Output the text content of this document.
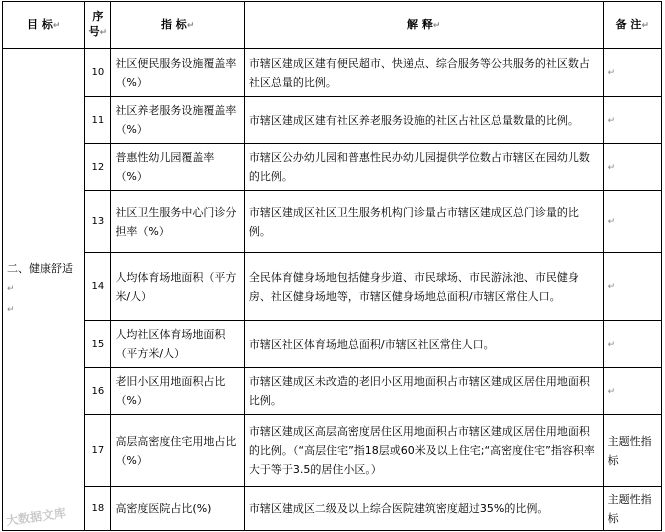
目 标↵	序号↵	指 标↵	解 释↵	备 注↵
二、健康舒适↵
↵	10	社区便民服务设施覆盖率（%）	市辖区建成区建有便民超市、快递点、综合服务等公共服务的社区数占社区总量的比例。	↵
	11	社区养老服务设施覆盖率（%）	市辖区建成区建有社区养老服务设施的社区占社区总量数量的比例。	↵
	12	普惠性幼儿园覆盖率（%）	市辖区公办幼儿园和普惠性民办幼儿园提供学位数占市辖区在园幼儿数的比例。	↵
	13	社区卫生服务中心门诊分担率（%）	市辖区建成区社区卫生服务机构门诊量占市辖区建成区总门诊量的比例。	↵
	14	人均体育场地面积（平方米/人）	全民体育健身场地包括健身步道、市民球场、市民游泳池、市民健身房、社区健身场地等，市辖区健身场地总面积/市辖区常住人口。	↵
	15	人均社区体育场地面积（平方米/人）	市辖区社区体育场地总面积/市辖区社区常住人口。	↵
	16	老旧小区用地面积占比（%）	市辖区建成区未改造的老旧小区用地面积占市辖区建成区居住用地面积比例。	↵
	17	高层高密度住宅用地占比（%）	市辖区建成区高层高密度居住区用地面积占市辖区建成区居住用地面积的比例。（“高层住宅”指18层或60米及以上住宅;“高密度住宅”指容积率大于等于3.5的居住小区。）	主题性指标
	18	高密度医院占比(%)	市辖区建成区二级及以上综合医院建筑密度超过35%的比例。	主题性指标
大数据文库
